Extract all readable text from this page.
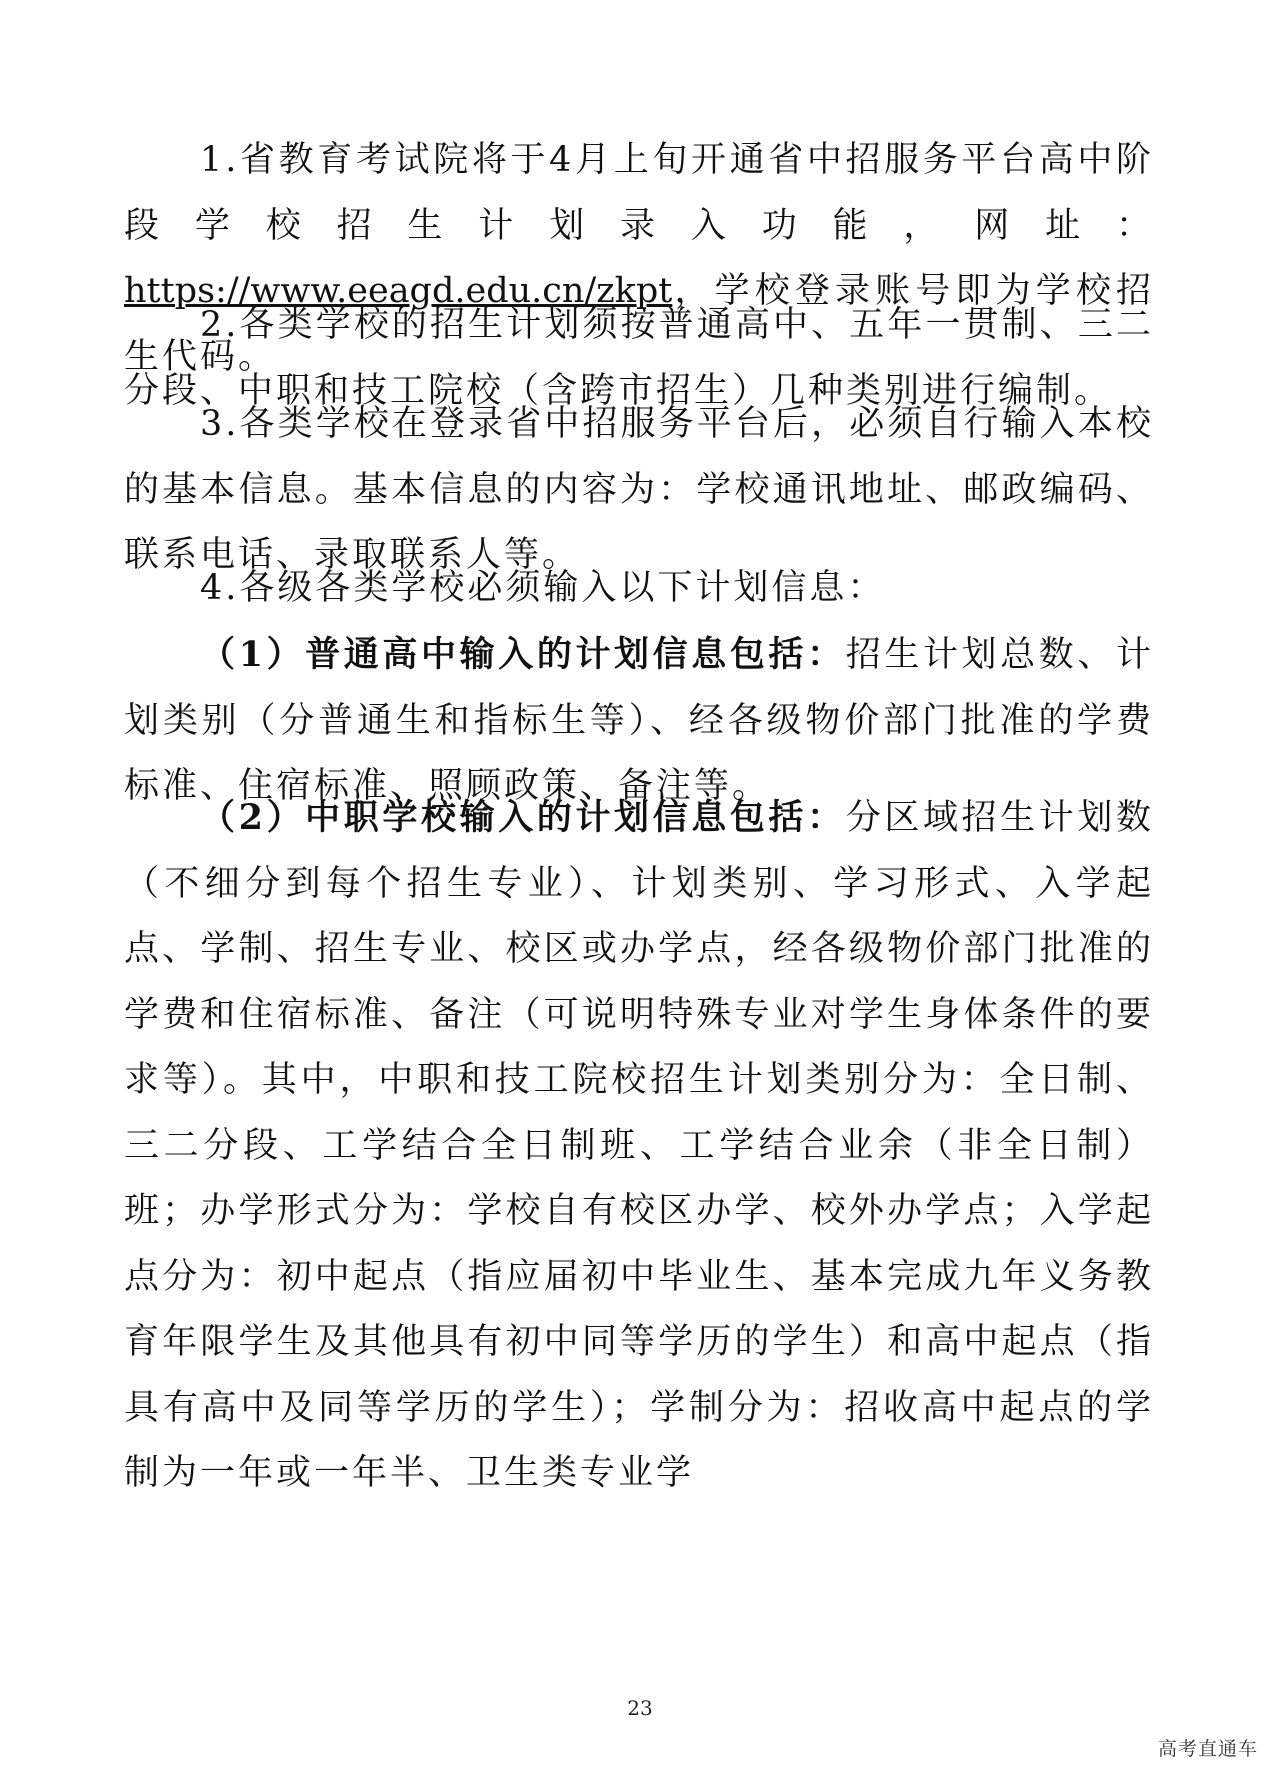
1.省教育考试院将于4月上旬开通省中招服务平台高中阶段学校招生计划录入功能，网址：https://www.eeagd.edu.cn/zkpt，学校登录账号即为学校招生代码。

2.各类学校的招生计划须按普通高中、五年一贯制、三二分段、中职和技工院校（含跨市招生）几种类别进行编制。

3.各类学校在登录省中招服务平台后，必须自行输入本校的基本信息。基本信息的内容为：学校通讯地址、邮政编码、联系电话、录取联系人等。

4.各级各类学校必须输入以下计划信息：

（1）普通高中输入的计划信息包括：招生计划总数、计划类别（分普通生和指标生等）、经各级物价部门批准的学费标准、住宿标准、照顾政策、备注等。

（2）中职学校输入的计划信息包括：分区域招生计划数（不细分到每个招生专业）、计划类别、学习形式、入学起点、学制、招生专业、校区或办学点，经各级物价部门批准的学费和住宿标准、备注（可说明特殊专业对学生身体条件的要求等）。其中，中职和技工院校招生计划类别分为：全日制、三二分段、工学结合全日制班、工学结合业余（非全日制）班；办学形式分为：学校自有校区办学、校外办学点；入学起点分为：初中起点（指应届初中毕业生、基本完成九年义务教育年限学生及其他具有初中同等学历的学生）和高中起点（指具有高中及同等学历的学生）；学制分为：招收高中起点的学制为一年或一年半、卫生类专业学

23
高考直通车
